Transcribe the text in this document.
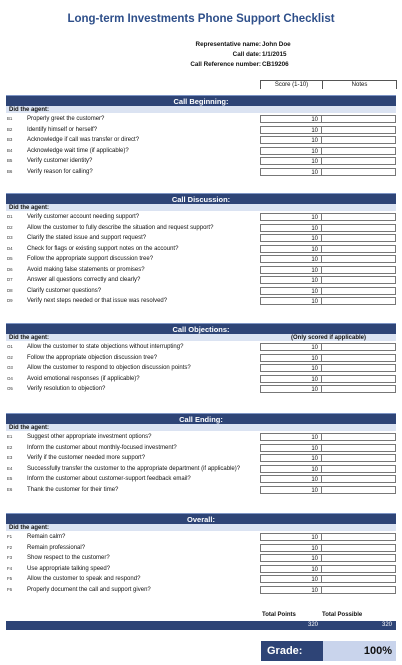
Long-term Investments Phone Support Checklist
Representative name: John Doe
Call date: 1/1/2015
Call Reference number: CB19206
Score (1-10)	Notes
Call Beginning:
Did the agent:
B1 Properly greet the customer?	10
B2 Identify himself or herself?	10
B3 Acknowledge if call was transfer or direct?	10
B4 Acknowledge wait time (if applicable)?	10
B5 Verify customer identity?	10
B6 Verify reason for calling?	10
Call Discussion:
Did the agent:
D1 Verify customer account needing support?	10
D2 Allow the customer to fully describe the situation and request support?	10
D3 Clarify the stated issue and support request?	10
D4 Check for flags or existing support notes on the account?	10
D5 Follow the appropriate support discussion tree?	10
D6 Avoid making false statements or promises?	10
D7 Answer all questions correctly and clearly?	10
D8 Clarify customer questions?	10
D9 Verify next steps needed or that issue was resolved?	10
Call Objections:
Did the agent:	(Only scored if applicable)
O1 Allow the customer to state objections without interrupting?	10
O2 Follow the appropriate objection discussion tree?	10
O3 Allow the customer to respond to objection discussion points?	10
O4 Avoid emotional responses (if applicable)?	10
O5 Verify resolution to objection?	10
Call Ending:
Did the agent:
E1 Suggest other appropriate investment options?	10
E2 Inform the customer about monthly-focused investment?	10
E3 Verify if the customer needed more support?	10
E4 Successfully transfer the customer to the appropriate department (if applicable)?	10
E5 Inform the customer about customer-support feedback email?	10
E6 Thank the customer for their time?	10
Overall:
Did the agent:
F1 Remain calm?	10
F2 Remain professional?	10
F3 Show respect to the customer?	10
F4 Use appropriate talking speed?	10
F5 Allow the customer to speak and respond?	10
F6 Properly document the call and support given?	10
Total Points	Total Possible
320	320
Grade:	100%
